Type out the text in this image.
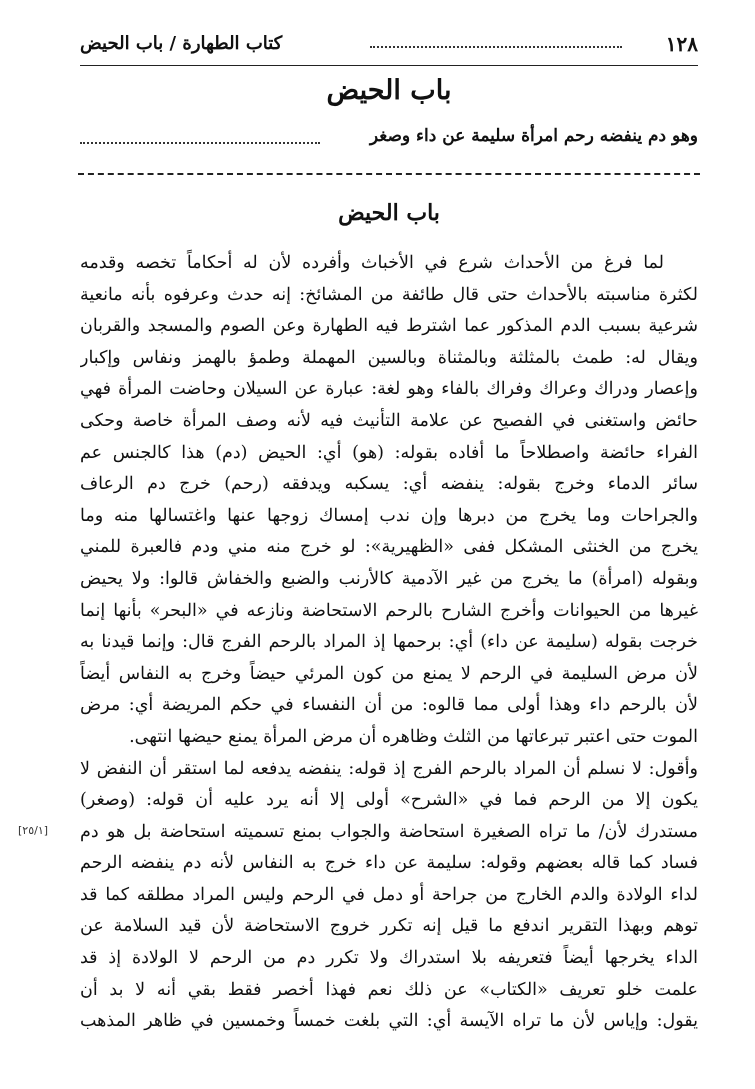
١٢٨
كتاب الطهارة / باب الحيض
باب الحيض
وهو دم ينفضه رحم امرأة سليمة عن داء وصغر
باب الحيض
لما فرغ من الأحداث شرع في الأخباث وأفرده لأن له أحكاماً تخصه وقدمه
لكثرة مناسبته بالأحداث حتى قال طائفة من المشائخ: إنه حدث وعرفوه بأنه مانعية
شرعية بسبب الدم المذكور عما اشترط فيه الطهارة وعن الصوم والمسجد والقربان
ويقال له: طمث بالمثلثة وبالمثناة وبالسين المهملة وطمؤ بالهمز ونفاس وإكبار
وإعصار ودراك وعراك وفراك بالفاء وهو لغة: عبارة عن السيلان وحاضت المرأة فهي
حائض واستغنى في الفصيح عن علامة التأنيث فيه لأنه وصف المرأة خاصة وحكى
الفراء حائضة واصطلاحاً ما أفاده بقوله: (هو) أي: الحيض (دم) هذا كالجنس عم
سائر الدماء وخرج بقوله: ينفضه أي: يسكبه ويدفقه (رحم) خرج دم الرعاف
والجراحات وما يخرج من دبرها وإن ندب إمساك زوجها عنها واغتسالها منه وما
يخرج من الخنثى المشكل ففى «الظهيرية»: لو خرج منه مني ودم فالعبرة للمني
وبقوله (امرأة) ما يخرج من غير الآدمية كالأرنب والضبع والخفاش قالوا: ولا يحيض
غيرها من الحيوانات وأخرج الشارح بالرحم الاستحاضة ونازعه في «البحر» بأنها إنما
خرجت بقوله (سليمة عن داء) أي: برحمها إذ المراد بالرحم الفرج قال: وإنما قيدنا به
لأن مرض السليمة في الرحم لا يمنع من كون المرئي حيضاً وخرج به النفاس أيضاً
لأن بالرحم داء وهذا أولى مما قالوه: من أن النفساء في حكم المريضة أي: مرض
الموت حتى اعتبر تبرعاتها من الثلث وظاهره أن مرض المرأة يمنع حيضها انتهى.
وأقول: لا نسلم أن المراد بالرحم الفرج إذ قوله: ينفضه يدفعه لما استقر أن النفض لا
يكون إلا من الرحم فما في «الشرح» أولى إلا أنه يرد عليه أن قوله: (وصغر)
مستدرك لأن/ ما تراه الصغيرة استحاضة والجواب بمنع تسميته استحاضة بل هو دم
فساد كما قاله بعضهم وقوله: سليمة عن داء خرج به النفاس لأنه دم ينفضه الرحم
لداء الولادة والدم الخارج من جراحة أو دمل في الرحم وليس المراد مطلقه كما قد
توهم وبهذا التقرير اندفع ما قيل إنه تكرر خروج الاستحاضة لأن قيد السلامة عن
الداء يخرجها أيضاً فتعريفه بلا استدراك ولا تكرر دم من الرحم لا الولادة إذ قد
علمت خلو تعريف «الكتاب» عن ذلك نعم فهذا أخصر فقط بقي أنه لا بد أن
يقول: وإياس لأن ما تراه الآيسة أي: التي بلغت خمساً وخمسين في ظاهر المذهب
[٢٥/١]
